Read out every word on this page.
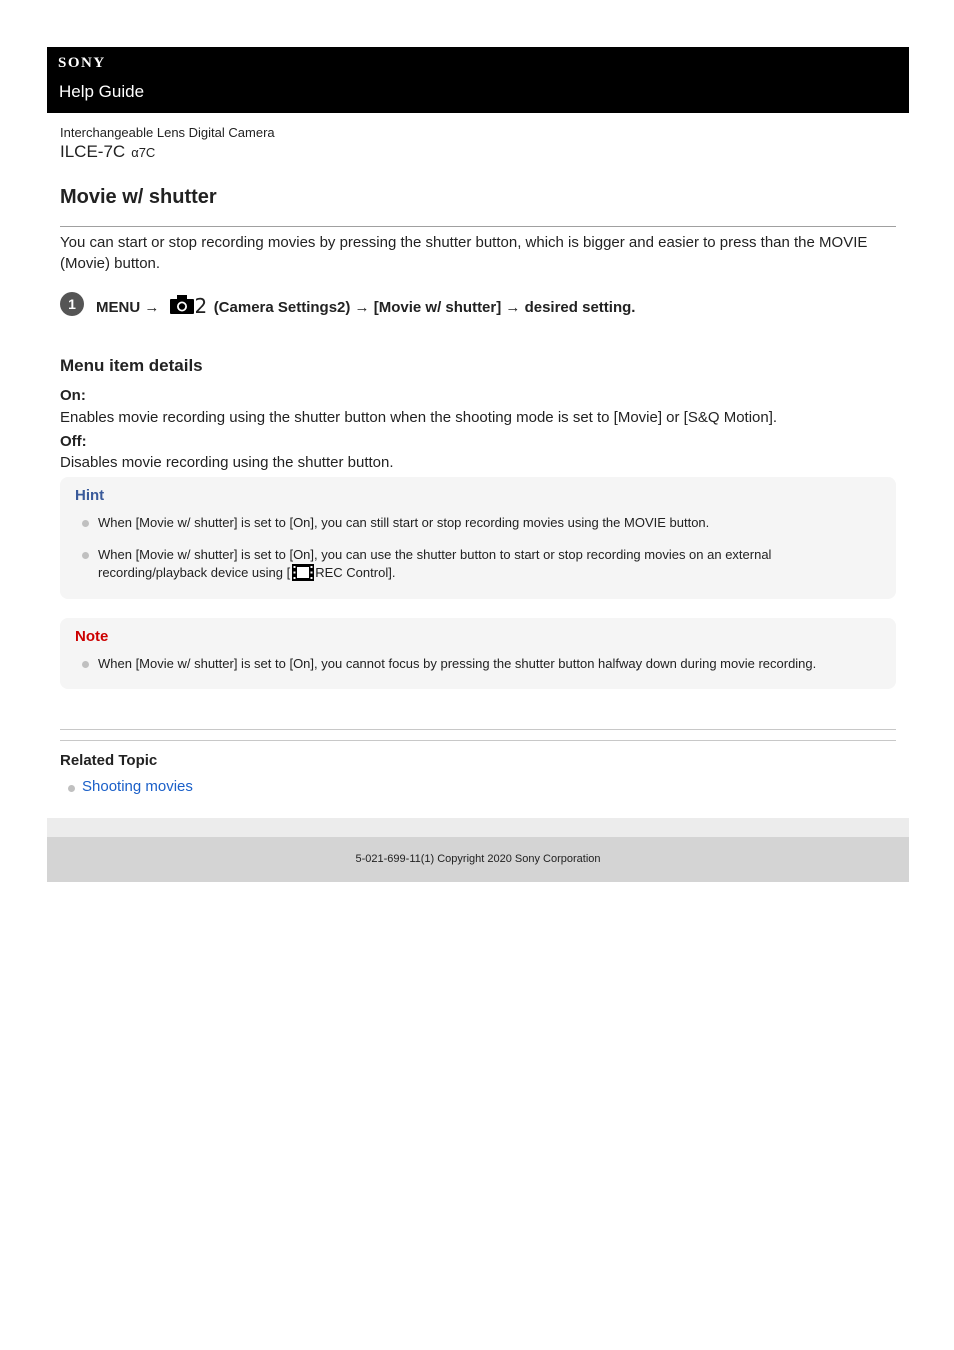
SONY
Help Guide
Interchangeable Lens Digital Camera
ILCE-7C α7C
Movie w/ shutter

You can start or stop recording movies by pressing the shutter button, which is bigger and easier to press than the MOVIE (Movie) button.

1	MENU → 2 (Camera Settings2) → [Movie w/ shutter] → desired setting.
Menu item details
On:
Enables movie recording using the shutter button when the shooting mode is set to [Movie] or [S&Q Motion].
Off:
Disables movie recording using the shutter button.
Hint
When [Movie w/ shutter] is set to [On], you can still start or stop recording movies using the MOVIE button.
When [Movie w/ shutter] is set to [On], you can use the shutter button to start or stop recording movies on an external
recording/playback device using [ REC Control].
Note
When [Movie w/ shutter] is set to [On], you cannot focus by pressing the shutter button halfway down during movie recording.
Related Topic
Shooting movies
5-021-699-11(1) Copyright 2020 Sony Corporation
